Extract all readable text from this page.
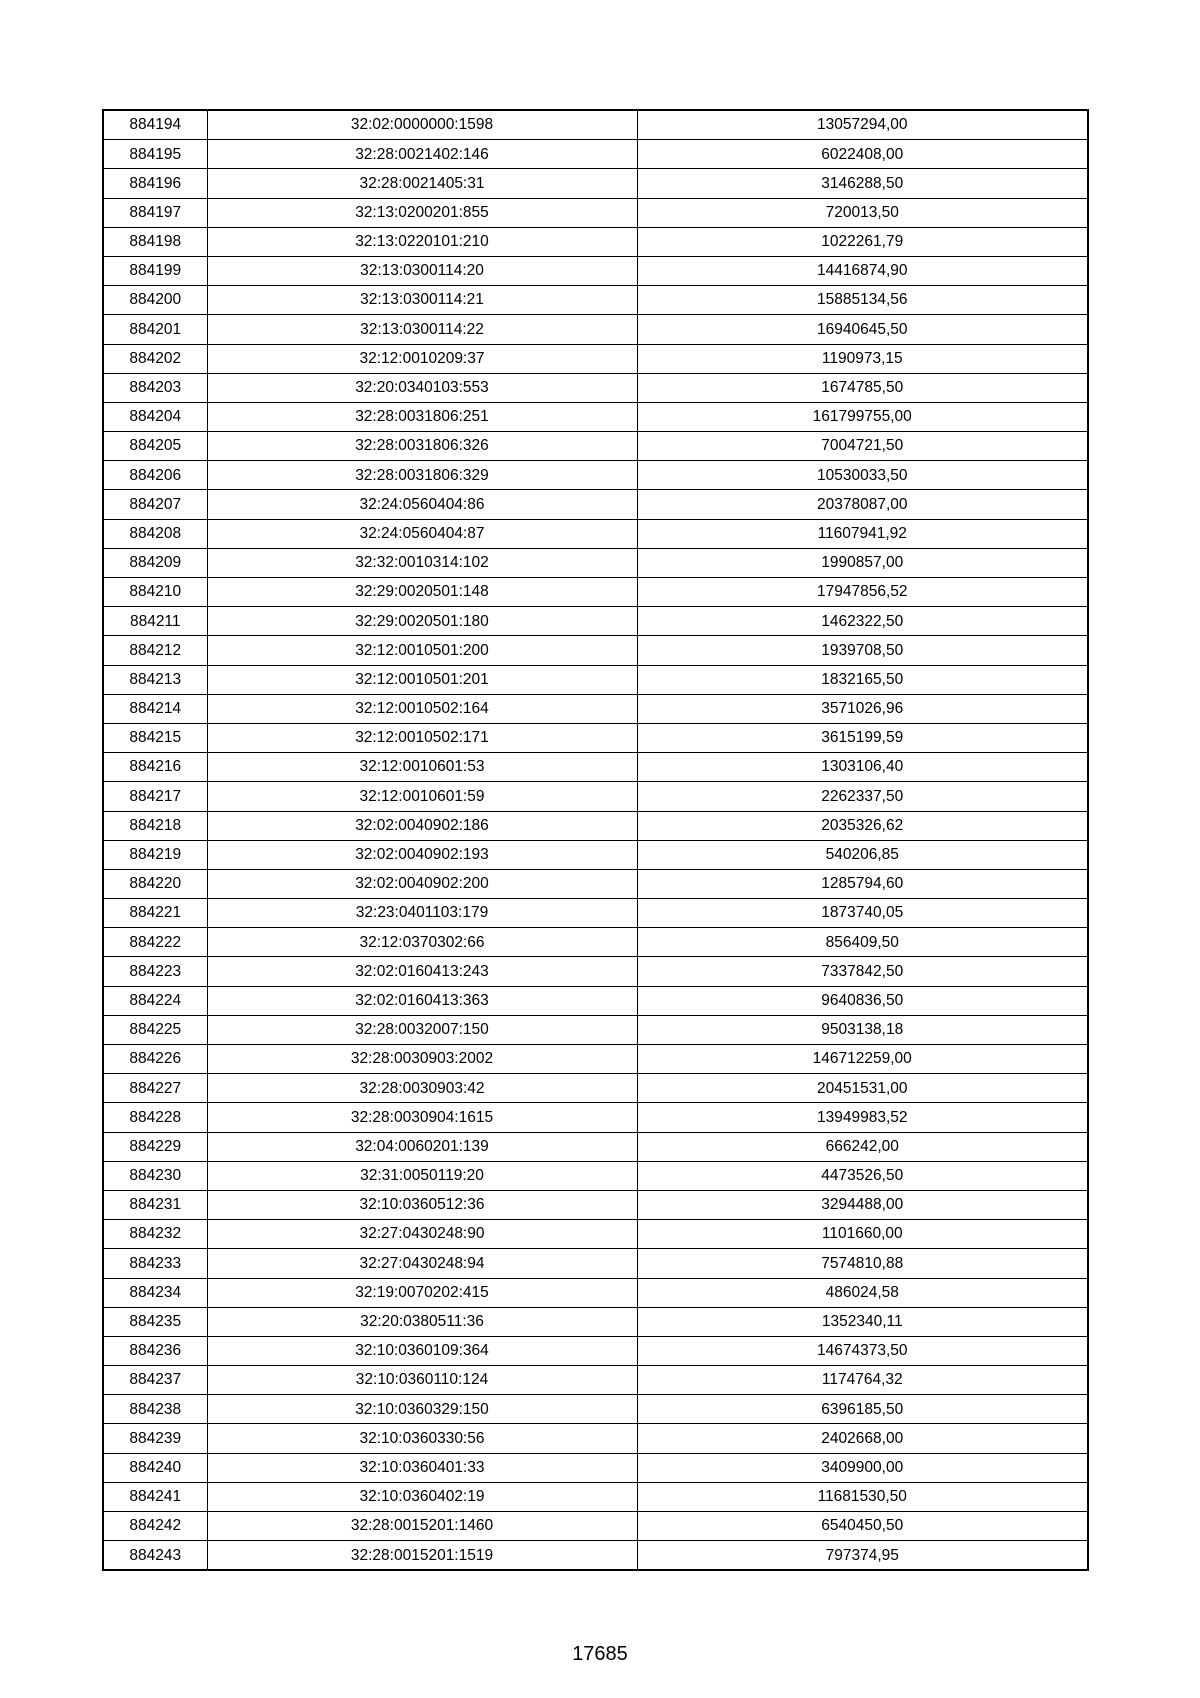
884194	32:02:0000000:1598	13057294,00
884195	32:28:0021402:146	6022408,00
884196	32:28:0021405:31	3146288,50
884197	32:13:0200201:855	720013,50
884198	32:13:0220101:210	1022261,79
884199	32:13:0300114:20	14416874,90
884200	32:13:0300114:21	15885134,56
884201	32:13:0300114:22	16940645,50
884202	32:12:0010209:37	1190973,15
884203	32:20:0340103:553	1674785,50
884204	32:28:0031806:251	161799755,00
884205	32:28:0031806:326	7004721,50
884206	32:28:0031806:329	10530033,50
884207	32:24:0560404:86	20378087,00
884208	32:24:0560404:87	11607941,92
884209	32:32:0010314:102	1990857,00
884210	32:29:0020501:148	17947856,52
884211	32:29:0020501:180	1462322,50
884212	32:12:0010501:200	1939708,50
884213	32:12:0010501:201	1832165,50
884214	32:12:0010502:164	3571026,96
884215	32:12:0010502:171	3615199,59
884216	32:12:0010601:53	1303106,40
884217	32:12:0010601:59	2262337,50
884218	32:02:0040902:186	2035326,62
884219	32:02:0040902:193	540206,85
884220	32:02:0040902:200	1285794,60
884221	32:23:0401103:179	1873740,05
884222	32:12:0370302:66	856409,50
884223	32:02:0160413:243	7337842,50
884224	32:02:0160413:363	9640836,50
884225	32:28:0032007:150	9503138,18
884226	32:28:0030903:2002	146712259,00
884227	32:28:0030903:42	20451531,00
884228	32:28:0030904:1615	13949983,52
884229	32:04:0060201:139	666242,00
884230	32:31:0050119:20	4473526,50
884231	32:10:0360512:36	3294488,00
884232	32:27:0430248:90	1101660,00
884233	32:27:0430248:94	7574810,88
884234	32:19:0070202:415	486024,58
884235	32:20:0380511:36	1352340,11
884236	32:10:0360109:364	14674373,50
884237	32:10:0360110:124	1174764,32
884238	32:10:0360329:150	6396185,50
884239	32:10:0360330:56	2402668,00
884240	32:10:0360401:33	3409900,00
884241	32:10:0360402:19	11681530,50
884242	32:28:0015201:1460	6540450,50
884243	32:28:0015201:1519	797374,95
17685
